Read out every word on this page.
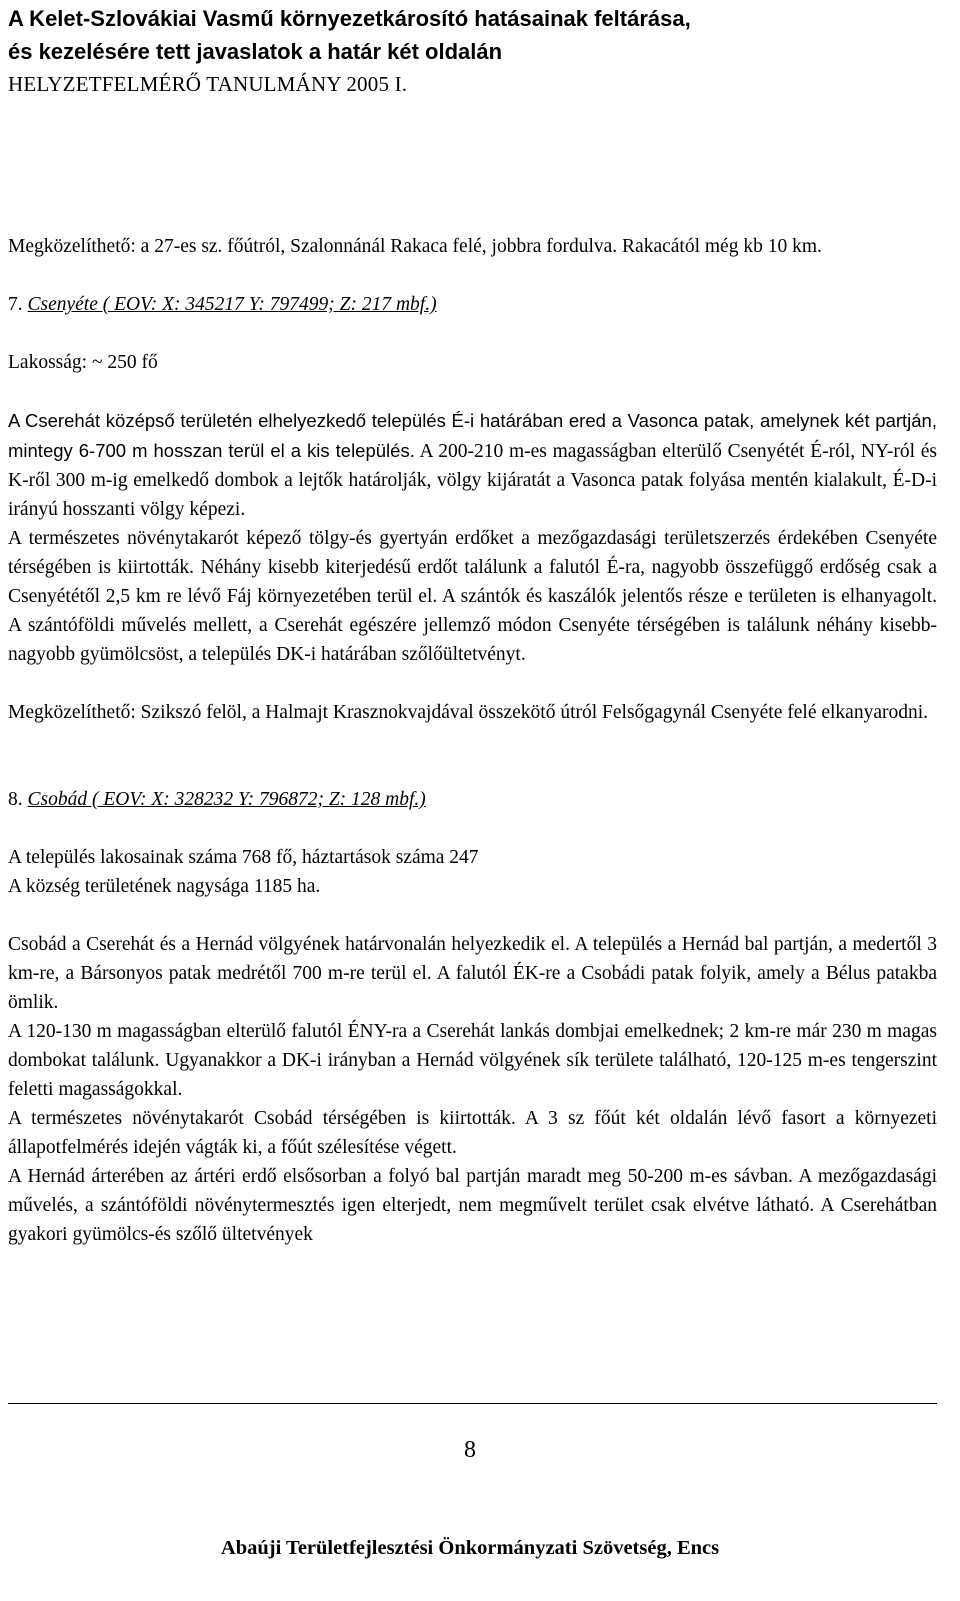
A Kelet-Szlovákiai Vasmű környezetkárosító hatásainak feltárása,
és kezelésére tett javaslatok a határ két oldalán
HELYZETFELMÉRŐ TANULMÁNY 2005 I.

Megközelíthető: a 27-es sz. főútról, Szalonnánál Rakaca felé, jobbra fordulva. Rakacától még kb 10 km.

7. Csenyéte ( EOV: X: 345217 Y: 797499; Z: 217 mbf.)

Lakosság: ~ 250 fő

A Cserehát középső területén elhelyezkedő település É-i határában ered a Vasonca patak, amelynek két partján, mintegy 6-700 m hosszan terül el a kis település. A 200-210 m-es magasságban elterülő Csenyétét É-ról, NY-ról és K-ről 300 m-ig emelkedő dombok a lejtők határolják, völgy kijáratát a Vasonca patak folyása mentén kialakult, É-D-i irányú hosszanti völgy képezi.

A természetes növénytakarót képező tölgy-és gyertyán erdőket a mezőgazdasági területszerzés érdekében Csenyéte térségében is kiirtották. Néhány kisebb kiterjedésű erdőt találunk a falutól É-ra, nagyobb összefüggő erdőség csak a Csenyététől 2,5 km re lévő Fáj környezetében terül el. A szántók és kaszálók jelentős része e területen is elhanyagolt. A szántóföldi művelés mellett, a Cserehát egészére jellemző módon Csenyéte térségében is találunk néhány kisebb-nagyobb gyümölcsöst, a település DK-i határában szőlőültetvényt.

Megközelíthető: Szikszó felöl, a Halmajt Krasznokvajdával összekötő útról Felsőgagynál Csenyéte felé elkanyarodni.

8. Csobád ( EOV: X: 328232 Y: 796872; Z: 128 mbf.)

A település lakosainak száma 768 fő, háztartások száma 247

A község területének nagysága 1185 ha.

Csobád a Cserehát és a Hernád völgyének határvonalán helyezkedik el. A település a Hernád bal partján, a medertől 3 km-re, a Bársonyos patak medrétől 700 m-re terül el. A falutól ÉK-re a Csobádi patak folyik, amely a Bélus patakba ömlik.

A 120-130 m magasságban elterülő falutól ÉNY-ra a Cserehát lankás dombjai emelkednek; 2 km-re már 230 m magas dombokat találunk. Ugyanakkor a DK-i irányban a Hernád völgyének sík területe található, 120-125 m-es tengerszint feletti magasságokkal.

A természetes növénytakarót Csobád térségében is kiirtották. A 3 sz főút két oldalán lévő fasort a környezeti állapotfelmérés idején vágták ki, a főút szélesítése végett.

A Hernád árterében az ártéri erdő elsősorban a folyó bal partján maradt meg 50-200 m-es sávban. A mezőgazdasági művelés, a szántóföldi növénytermesztés igen elterjedt, nem megművelt terület csak elvétve látható. A Cserehátban gyakori gyümölcs-és szőlő ültetvények

8
Abaúji Területfejlesztési Önkormányzati Szövetség, Encs
